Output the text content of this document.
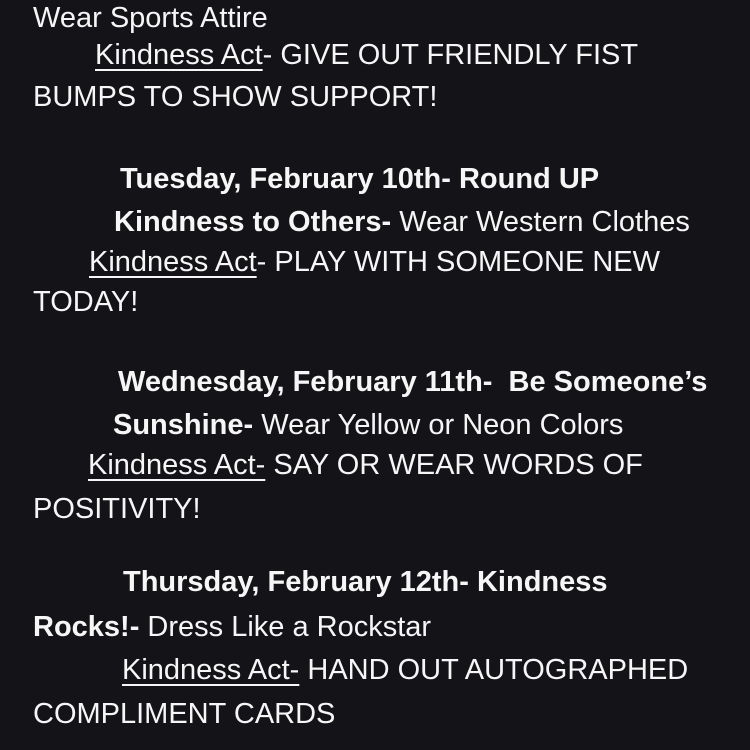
Wear Sports Attire
Kindness Act- GIVE OUT FRIENDLY FIST
BUMPS TO SHOW SUPPORT!
Tuesday, February 10th- Round UP
Kindness to Others- Wear Western Clothes
Kindness Act- PLAY WITH SOMEONE NEW
TODAY!
Wednesday, February 11th-  Be Someone’s
Sunshine- Wear Yellow or Neon Colors
Kindness Act- SAY OR WEAR WORDS OF
POSITIVITY!
Thursday, February 12th- Kindness
Rocks!- Dress Like a Rockstar
Kindness Act- HAND OUT AUTOGRAPHED
COMPLIMENT CARDS
